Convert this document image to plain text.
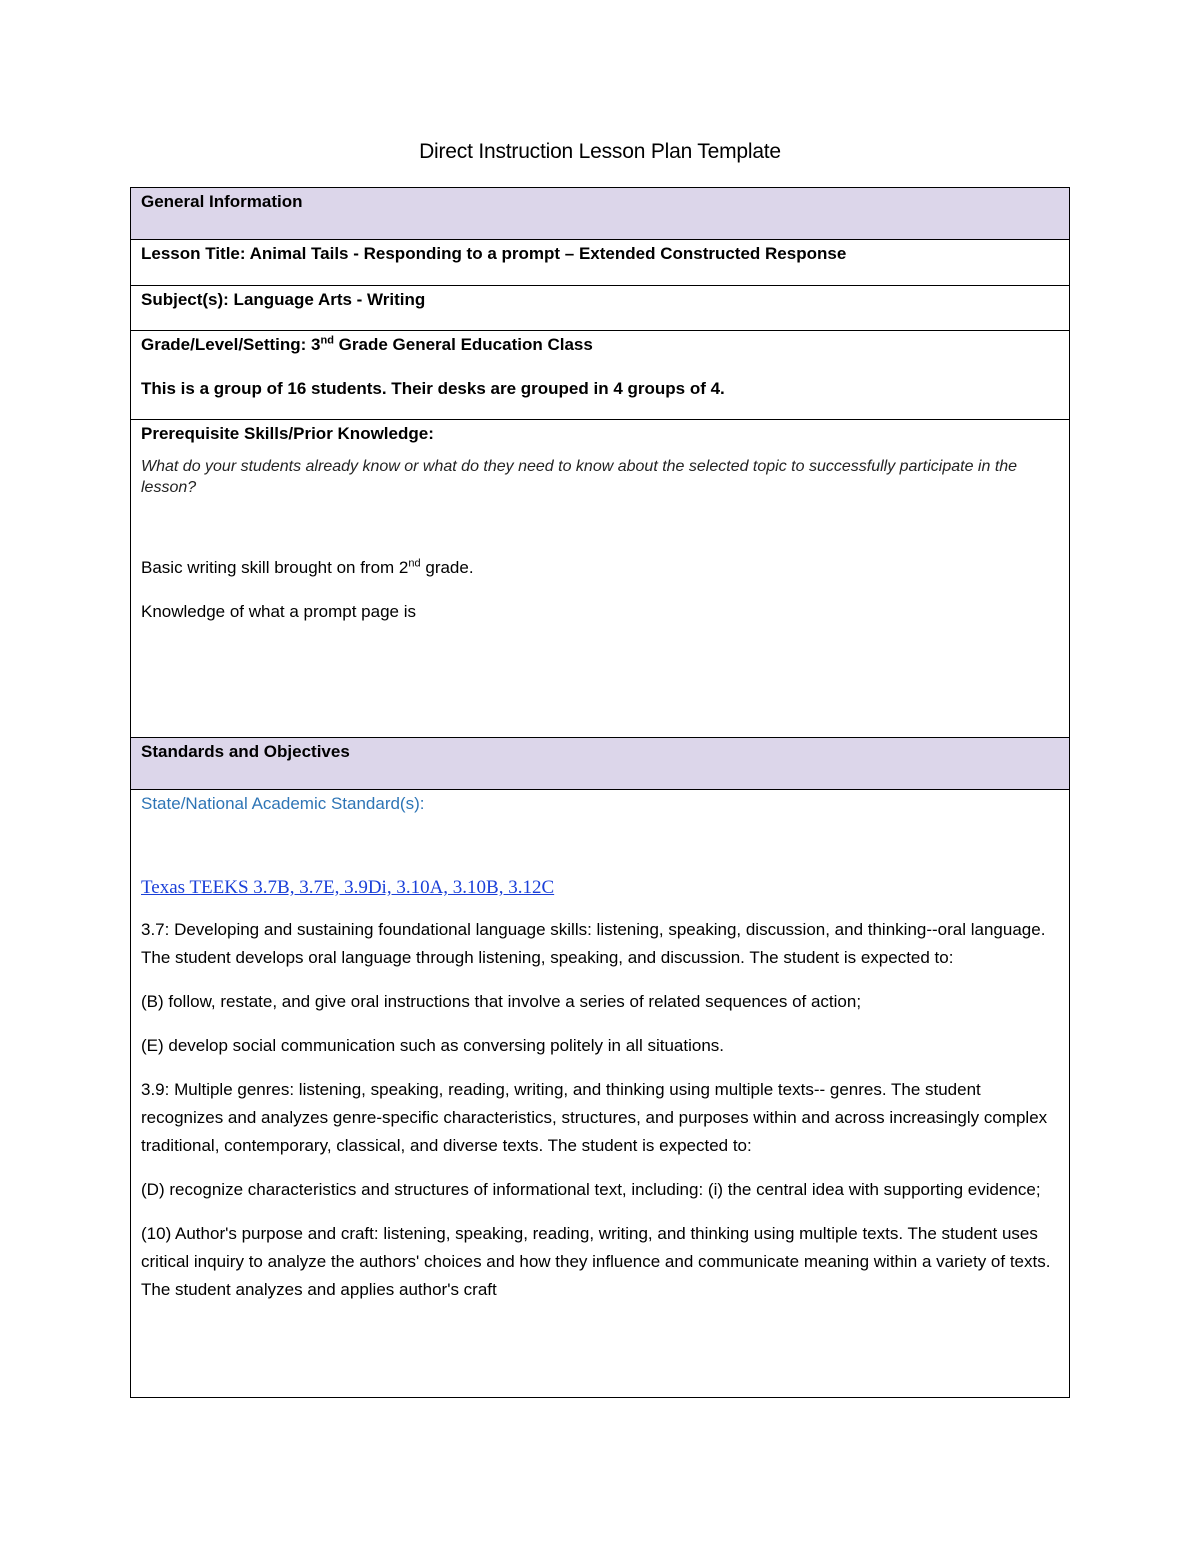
Direct Instruction Lesson Plan Template
General Information
Lesson Title: Animal Tails - Responding to a prompt – Extended Constructed Response
Subject(s): Language Arts - Writing

Grade/Level/Setting: 3nd Grade General Education Class

This is a group of 16 students. Their desks are grouped in 4 groups of 4.

Prerequisite Skills/Prior Knowledge:

What do your students already know or what do they need to know about the selected topic to successfully participate in the lesson?

Basic writing skill brought on from 2nd grade.

Knowledge of what a prompt page is

Standards and Objectives

State/National Academic Standard(s):

Texas TEEKS 3.7B, 3.7E, 3.9Di, 3.10A, 3.10B, 3.12C

3.7: Developing and sustaining foundational language skills: listening, speaking, discussion, and thinking--oral language. The student develops oral language through listening, speaking, and discussion. The student is expected to:

(B) follow, restate, and give oral instructions that involve a series of related sequences of action;

(E) develop social communication such as conversing politely in all situations.

3.9: Multiple genres: listening, speaking, reading, writing, and thinking using multiple texts-- genres. The student recognizes and analyzes genre-specific characteristics, structures, and purposes within and across increasingly complex traditional, contemporary, classical, and diverse texts. The student is expected to:

(D) recognize characteristics and structures of informational text, including: (i) the central idea with supporting evidence;

(10) Author's purpose and craft: listening, speaking, reading, writing, and thinking using multiple texts. The student uses critical inquiry to analyze the authors' choices and how they influence and communicate meaning within a variety of texts. The student analyzes and applies author's craft
